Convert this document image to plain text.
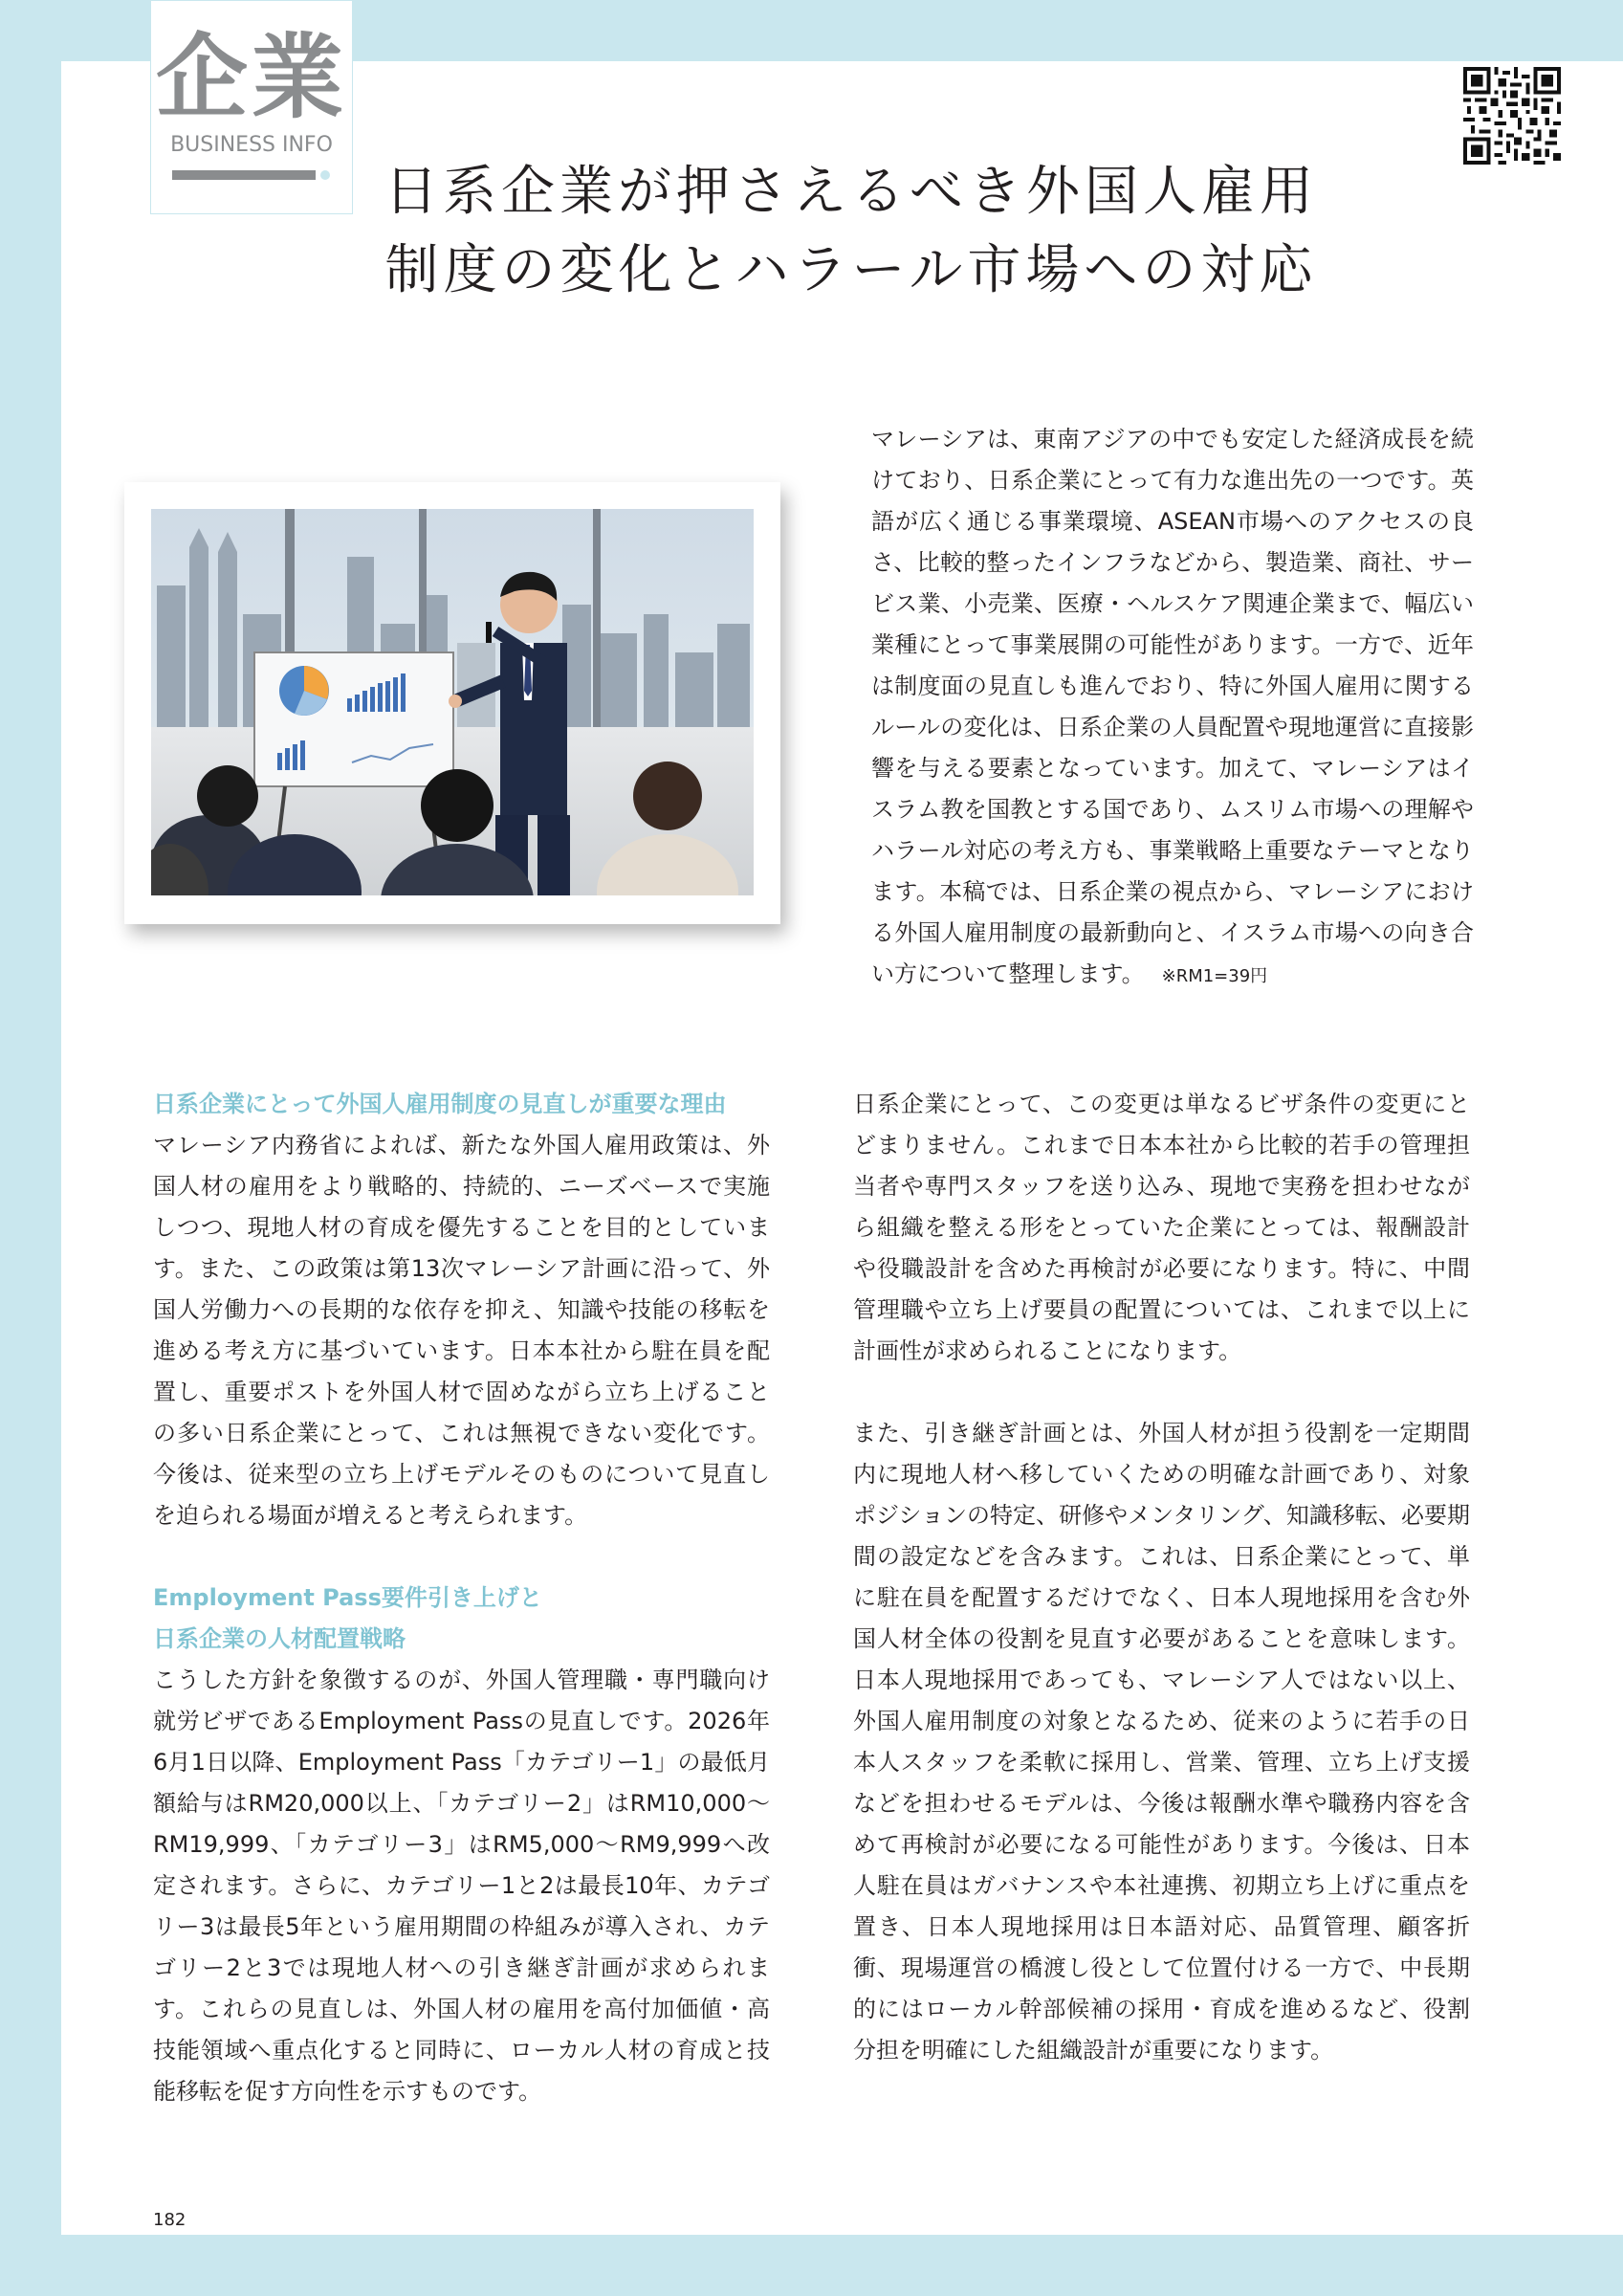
企業
BUSINESS INFO
日系企業が押さえるべき外国人雇用
制度の変化とハラール市場への対応
マレーシアは、東南アジアの中でも安定した経済成長を続けており、日系企業にとって有力な進出先の一つです。英語が広く通じる事業環境、ASEAN市場へのアクセスの良さ、比較的整ったインフラなどから、製造業、商社、サービス業、小売業、医療・ヘルスケア関連企業まで、幅広い業種にとって事業展開の可能性があります。一方で、近年は制度面の見直しも進んでおり、特に外国人雇用に関するルールの変化は、日系企業の人員配置や現地運営に直接影響を与える要素となっています。加えて、マレーシアはイスラム教を国教とする国であり、ムスリム市場への理解やハラール対応の考え方も、事業戦略上重要なテーマとなります。本稿では、日系企業の視点から、マレーシアにおける外国人雇用制度の最新動向と、イスラム市場への向き合い方について整理します。 ※RM1=39円

日系企業にとって外国人雇用制度の見直しが重要な理由

マレーシア内務省によれば、新たな外国人雇用政策は、外国人材の雇用をより戦略的、持続的、ニーズベースで実施しつつ、現地人材の育成を優先することを目的としています。また、この政策は第13次マレーシア計画に沿って、外国人労働力への長期的な依存を抑え、知識や技能の移転を進める考え方に基づいています。日本本社から駐在員を配置し、重要ポストを外国人材で固めながら立ち上げることの多い日系企業にとって、これは無視できない変化です。今後は、従来型の立ち上げモデルそのものについて見直しを迫られる場面が増えると考えられます。

Employment Pass要件引き上げと

日系企業の人材配置戦略

こうした方針を象徴するのが、外国人管理職・専門職向け就労ビザであるEmployment Passの見直しです。2026年6月1日以降、Employment Pass「カテゴリー1」の最低月額給与はRM20,000以上、「カテゴリー2」はRM10,000〜RM19,999、「カテゴリー3」はRM5,000〜RM9,999へ改定されます。さらに、カテゴリー1と2は最長10年、カテゴリー3は最長5年という雇用期間の枠組みが導入され、カテゴリー2と3では現地人材への引き継ぎ計画が求められます。これらの見直しは、外国人材の雇用を高付加価値・高技能領域へ重点化すると同時に、ローカル人材の育成と技能移転を促す方向性を示すものです。

日系企業にとって、この変更は単なるビザ条件の変更にとどまりません。これまで日本本社から比較的若手の管理担当者や専門スタッフを送り込み、現地で実務を担わせながら組織を整える形をとっていた企業にとっては、報酬設計や役職設計を含めた再検討が必要になります。特に、中間管理職や立ち上げ要員の配置については、これまで以上に計画性が求められることになります。

また、引き継ぎ計画とは、外国人材が担う役割を一定期間内に現地人材へ移していくための明確な計画であり、対象ポジションの特定、研修やメンタリング、知識移転、必要期間の設定などを含みます。これは、日系企業にとって、単に駐在員を配置するだけでなく、日本人現地採用を含む外国人材全体の役割を見直す必要があることを意味します。日本人現地採用であっても、マレーシア人ではない以上、外国人雇用制度の対象となるため、従来のように若手の日本人スタッフを柔軟に採用し、営業、管理、立ち上げ支援などを担わせるモデルは、今後は報酬水準や職務内容を含めて再検討が必要になる可能性があります。今後は、日本人駐在員はガバナンスや本社連携、初期立ち上げに重点を置き、日本人現地採用は日本語対応、品質管理、顧客折衝、現場運営の橋渡し役として位置付ける一方で、中長期的にはローカル幹部候補の採用・育成を進めるなど、役割分担を明確にした組織設計が重要になります。

182
